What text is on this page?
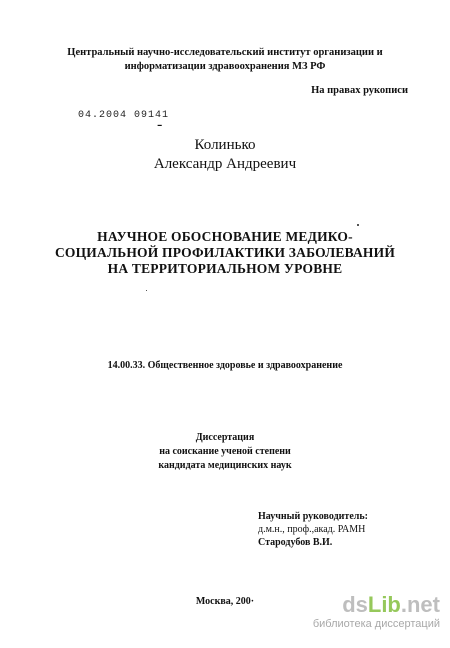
Центральный научно-исследовательский институт организации и
информатизации здравоохранения МЗ РФ
На правах рукописи
04.2004 09141
-
Колинько
Александр Андреевич
НАУЧНОЕ ОБОСНОВАНИЕ МЕДИКО-
СОЦИАЛЬНОЙ ПРОФИЛАКТИКИ ЗАБОЛЕВАНИЙ
НА ТЕРРИТОРИАЛЬНОМ УРОВНЕ
14.00.33. Общественное здоровье и здравоохранение
Диссертация
на соискание ученой степени
кандидата медицинских наук
Научный руководитель:
д.м.н., проф.,акад. РАМН
Стародубов В.И.
Москва, 200·	dsLib.net
библиотека диссертаций
